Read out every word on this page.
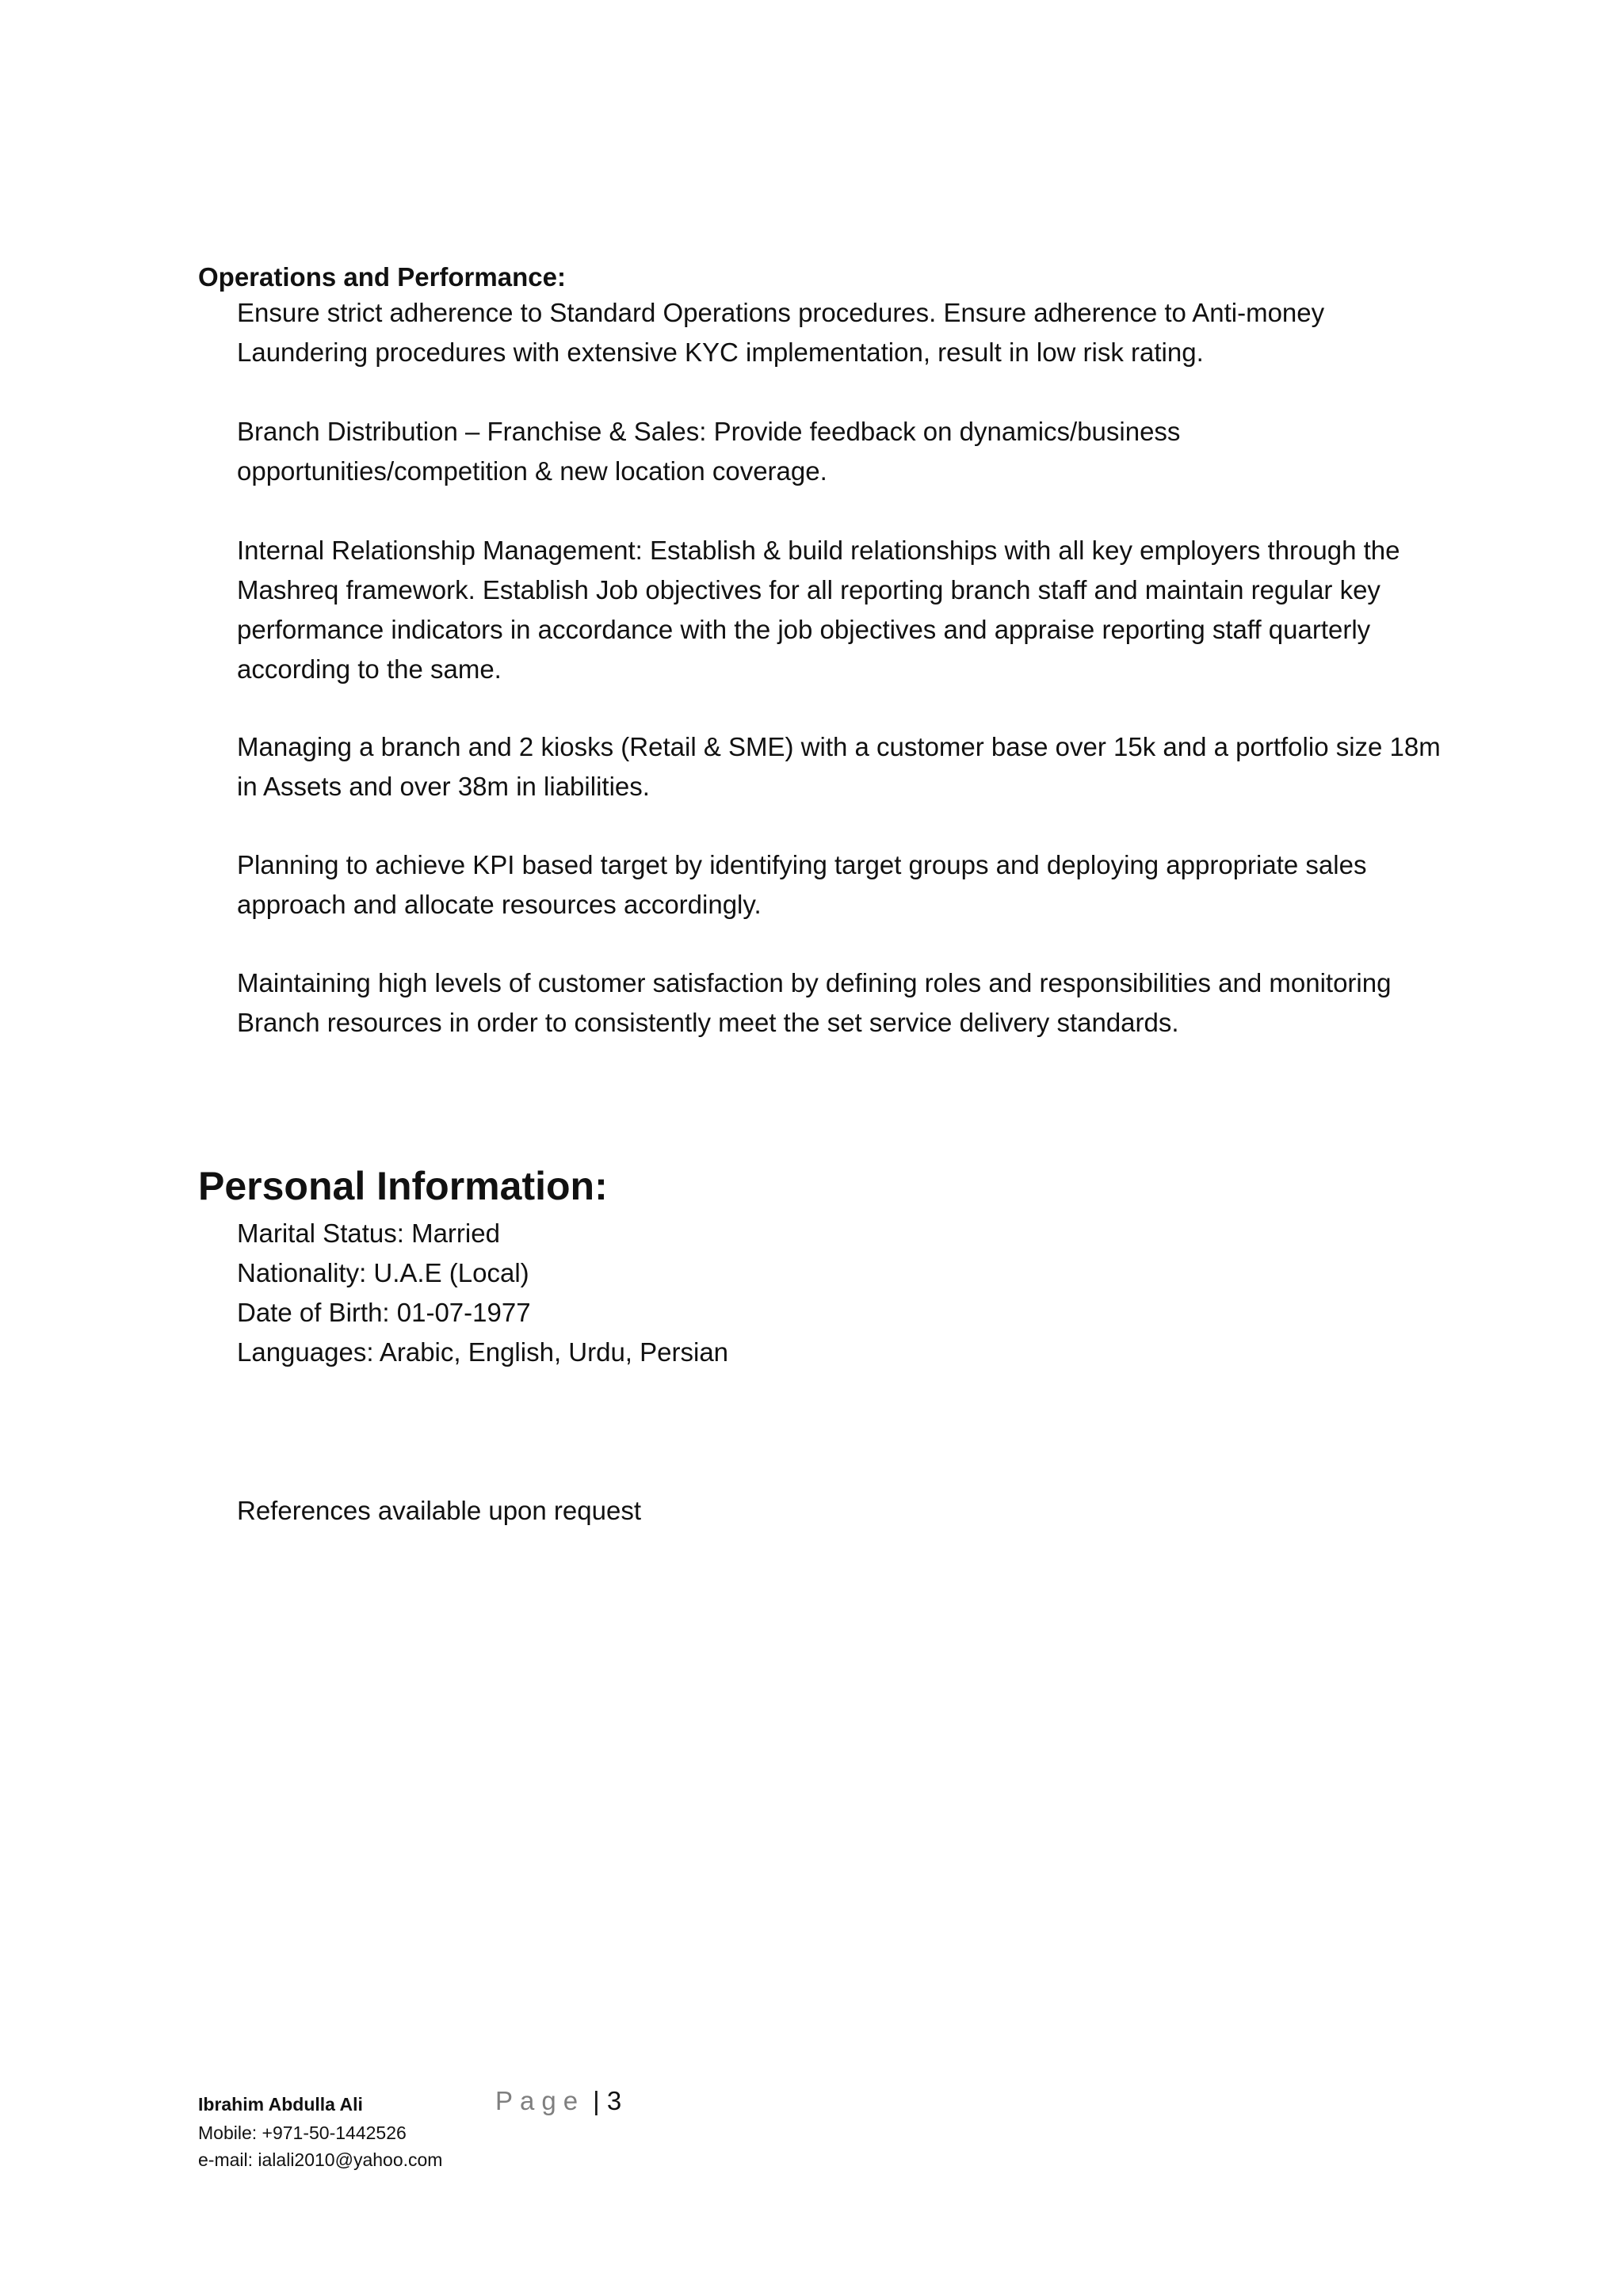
Operations and Performance:

Ensure strict adherence to Standard Operations procedures. Ensure adherence to Anti-money Laundering procedures with extensive KYC implementation, result in low risk rating.

Branch Distribution – Franchise & Sales: Provide feedback on dynamics/business opportunities/competition & new location coverage.

Internal Relationship Management: Establish & build relationships with all key employers through the Mashreq framework. Establish Job objectives for all reporting branch staff and maintain regular key performance indicators in accordance with the job objectives and appraise reporting staff quarterly according to the same.

Managing a branch and 2 kiosks (Retail & SME) with a customer base over 15k and a portfolio size 18m in Assets and over 38m in liabilities.

Planning to achieve KPI based target by identifying target groups and deploying appropriate sales approach and allocate resources accordingly.

Maintaining high levels of customer satisfaction by defining roles and responsibilities and monitoring Branch resources in order to consistently meet the set service delivery standards.

Personal Information:
Marital Status: Married
Nationality: U.A.E (Local)
Date of Birth: 01-07-1977
Languages: Arabic, English, Urdu, Persian
References available upon request
Ibrahim Abdulla Ali
Mobile: +971-50-1442526
e-mail: ialali2010@yahoo.com
Page | 3
